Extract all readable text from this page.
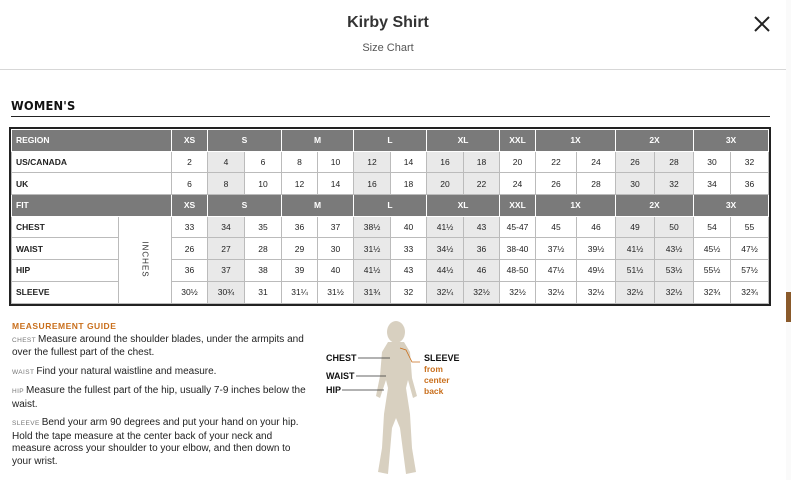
Kirby Shirt
Size Chart
WOMEN'S
REGION		XS	S		M		L		XL		XXL	1X		2X		3X	
US/CANADA		2	4	6	8	10	12	14	16	18	20	22	24	26	28	30	32
UK		6	8	10	12	14	16	18	20	22	24	26	28	30	32	34	36
FIT		XS	S		M		L		XL		XXL	1X		2X		3X	
CHEST	INCHES	33	34	35	36	37	38½	40	41½	43	45-47	45	46	49	50	54	55
WAIST		26	27	28	29	30	31½	33	34½	36	38-40	37½	39½	41½	43½	45½	47½
HIP		36	37	38	39	40	41½	43	44½	46	48-50	47½	49½	51½	53½	55½	57½
SLEEVE		30½	30¾	31	31¼	31½	31¾	32	32¼	32½	32½	32½	32½	32½	32½	32¾	32¾
MEASUREMENT GUIDE

CHEST Measure around the shoulder blades, under the armpits and over the fullest part of the chest.

WAIST Find your natural waistline and measure.

HIP Measure the fullest part of the hip, usually 7-9 inches below the waist.

SLEEVE Bend your arm 90 degrees and put your hand on your hip. Hold the tape measure at the center back of your neck and measure across your shoulder to your elbow, and then down to your wrist.

CHEST
WAIST
HIP
SLEEVE
from
center
back
